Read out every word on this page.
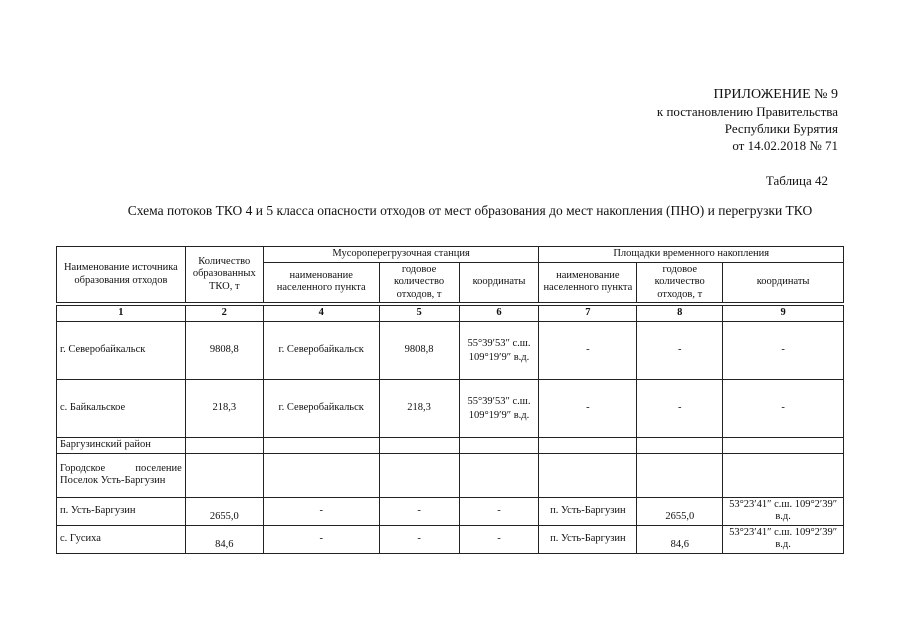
ПРИЛОЖЕНИЕ № 9
к постановлению Правительства
Республики Бурятия
от 14.02.2018 № 71
Таблица 42
Схема потоков ТКО 4 и 5 класса опасности отходов от мест образования до мест накопления (ПНО) и перегрузки ТКО
Наименование источника образования отходов	Количество образованных ТКО, т	Мусороперегрузочная станция			Площадки временного накопления		
		наименование населенного пункта	годовое количество отходов, т	координаты	наименование населенного пункта	годовое количество отходов, т	координаты

1	2	4	5	6	7	8	9
г. Северобайкальск	9808,8	г. Северобайкальск	9808,8	55°39′53″ с.ш. 109°19′9″ в.д.	-	-	-
с. Байкальское	218,3	г. Северобайкальск	218,3	55°39′53″ с.ш. 109°19′9″ в.д.	-	-	-
Баргузинский район							
Городское поселение Поселок Усть-Баргузин							
п. Усть-Баргузин	2655,0	-	-	-	п. Усть-Баргузин	2655,0	53°23′41″ с.ш. 109°2′39″ в.д.
с. Гусиха	84,6	-	-	-	п. Усть-Баргузин	84,6	53°23′41″ с.ш. 109°2′39″ в.д.
